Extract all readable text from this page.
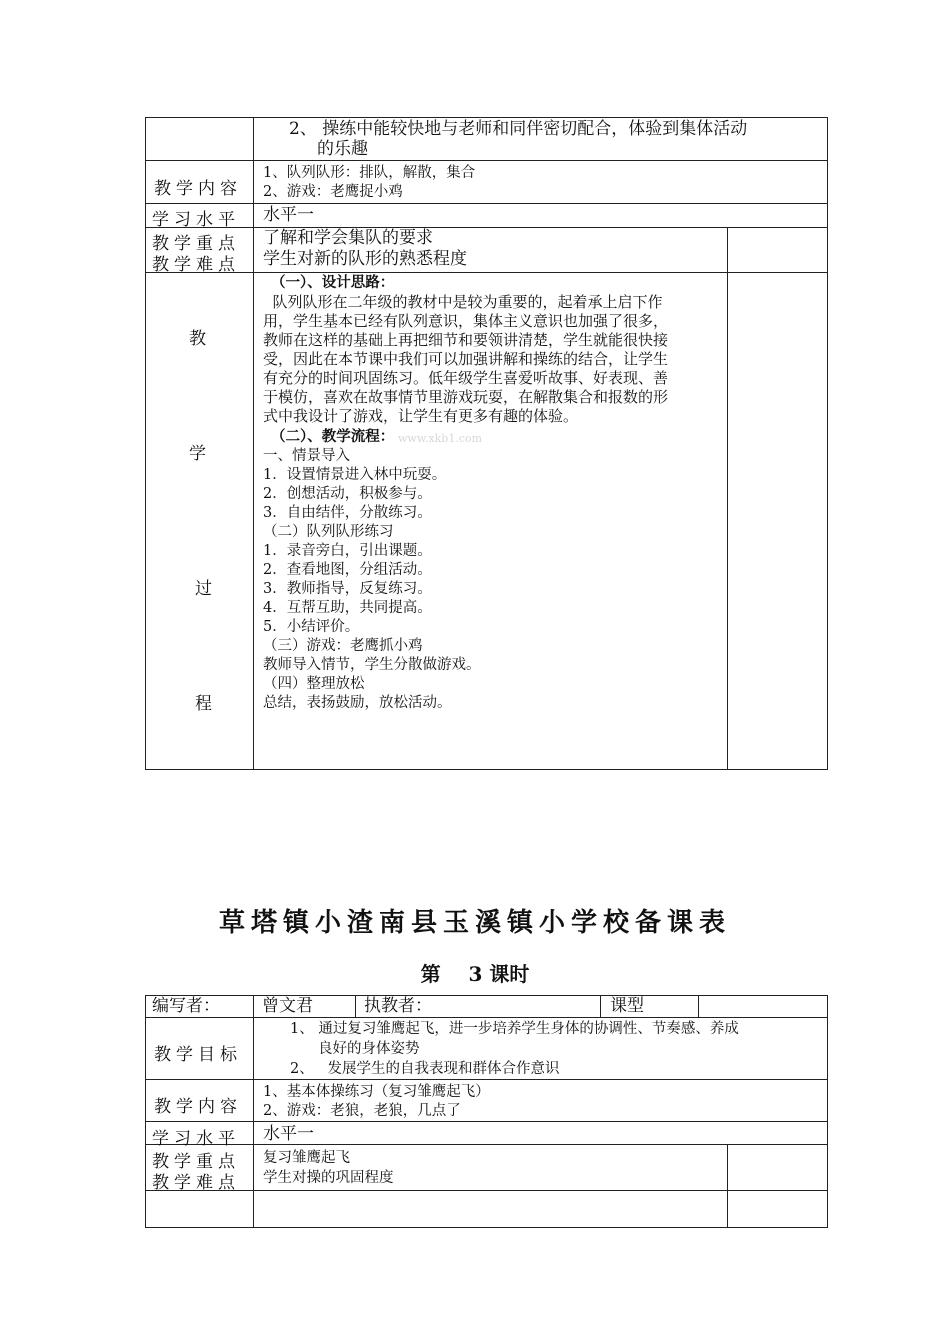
2、 操练中能较快地与老师和同伴密切配合，体验到集体活动
的乐趣
教学内容
1、队列队形：排队，解散，集合
2、游戏：老鹰捉小鸡
学习水平 水平一
教学重点
教学难点
了解和学会集队的要求
学生对新的队形的熟悉程度
教
学
过
程
（一）、设计思路：
队列队形在二年级的教材中是较为重要的，起着承上启下作
用，学生基本已经有队列意识，集体主义意识也加强了很多，
教师在这样的基础上再把细节和要领讲清楚，学生就能很快接
受，因此在本节课中我们可以加强讲解和操练的结合，让学生
有充分的时间巩固练习。低年级学生喜爱听故事、好表现、善
于模仿，喜欢在故事情节里游戏玩耍，在解散集合和报数的形
式中我设计了游戏，让学生有更多有趣的体验。
（二）、教学流程： www.xkb1.com
一、情景导入
1．设置情景进入林中玩耍。
2．创想活动，积极参与。
3．自由结伴，分散练习。
（二）队列队形练习
1．录音旁白，引出课题。
2．查看地图，分组活动。
3．教师指导，反复练习。
4．互帮互助，共同提高。
5．小结评价。
（三）游戏：老鹰抓小鸡
教师导入情节，学生分散做游戏。
（四）整理放松
总结，表扬鼓励，放松活动。
草塔镇小渣南县玉溪镇小学校备课表
第    3 课时
编写者： 曾文君	执教者：	课型
教学目标
1、 通过复习雏鹰起飞，进一步培养学生身体的协调性、节奏感、养成
良好的身体姿势
2、   发展学生的自我表现和群体合作意识
教学内容
1、基本体操练习（复习雏鹰起飞）
2、游戏：老狼，老狼，几点了
学习水平 水平一
教学重点
教学难点
复习雏鹰起飞
学生对操的巩固程度
